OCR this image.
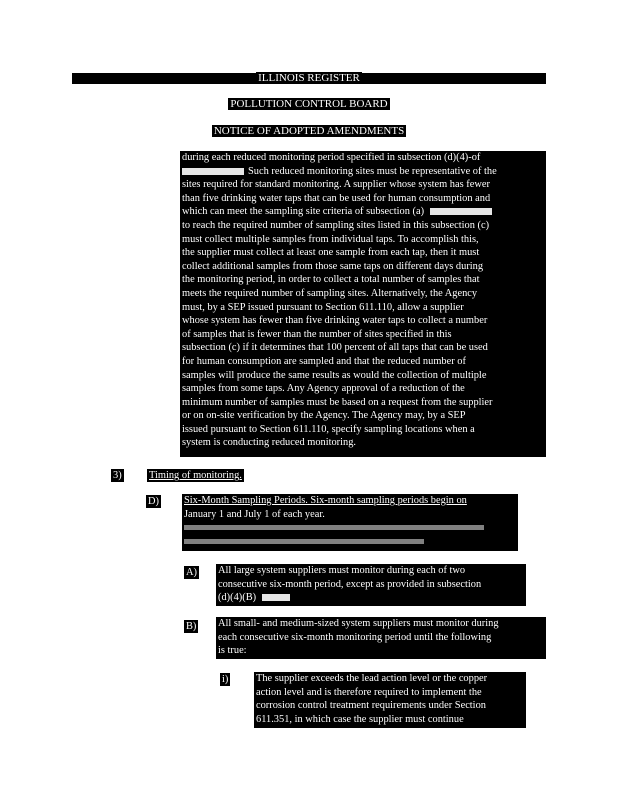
ILLINOIS REGISTER
POLLUTION CONTROL BOARD
NOTICE OF ADOPTED AMENDMENTS
during each reduced monitoring period specified in subsection (d)(4)-of
Such reduced monitoring sites must be representative of the
sites required for standard monitoring. A supplier whose system has fewer
than five drinking water taps that can be used for human consumption and
which can meet the sampling site criteria of subsection (a)
to reach the required number of sampling sites listed in this subsection (c)
must collect multiple samples from individual taps. To accomplish this,
the supplier must collect at least one sample from each tap, then it must
collect additional samples from those same taps on different days during
the monitoring period, in order to collect a total number of samples that
meets the required number of sampling sites. Alternatively, the Agency
must, by a SEP issued pursuant to Section 611.110, allow a supplier
whose system has fewer than five drinking water taps to collect a number
of samples that is fewer than the number of sites specified in this
subsection (c) if it determines that 100 percent of all taps that can be used
for human consumption are sampled and that the reduced number of
samples will produce the same results as would the collection of multiple
samples from some taps. Any Agency approval of a reduction of the
minimum number of samples must be based on a request from the supplier
or on on-site verification by the Agency. The Agency may, by a SEP
issued pursuant to Section 611.110, specify sampling locations when a
system is conducting reduced monitoring.
3)	Timing of monitoring.
D) Six-Month Sampling Periods. Six-month sampling periods begin on
January 1 and July 1 of each year.
A) All large system suppliers must monitor during each of two
consecutive six-month period, except as provided in subsection
(d)(4)(B)
B) All small- and medium-sized system suppliers must monitor during
each consecutive six-month monitoring period until the following
is true:
i)	The supplier exceeds the lead action level or the copper
action level and is therefore required to implement the
corrosion control treatment requirements under Section
611.351, in which case the supplier must continue
